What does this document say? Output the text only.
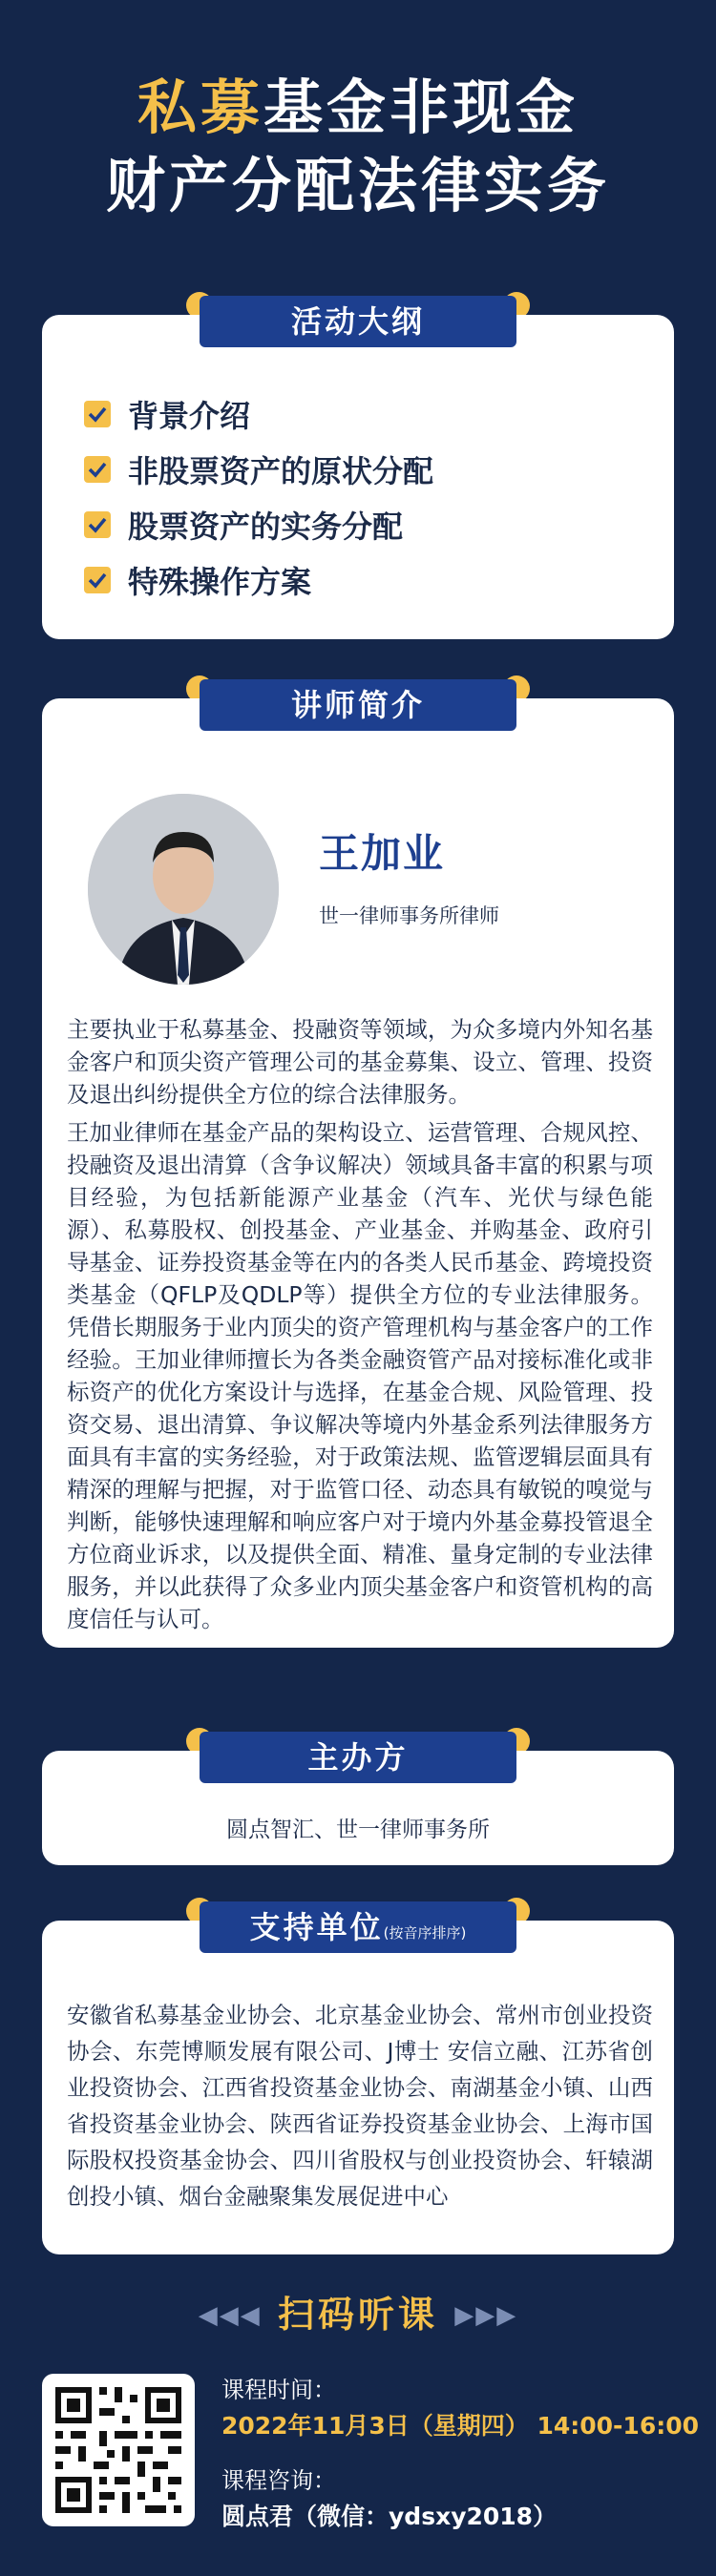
私募基金非现金
财产分配法律实务
活动大纲
背景介绍
非股票资产的原状分配
股票资产的实务分配
特殊操作方案
讲师简介
王加业
世一律师事务所律师

主要执业于私募基金、投融资等领域，为众多境内外知名基金客户和顶尖资产管理公司的基金募集、设立、管理、投资及退出纠纷提供全方位的综合法律服务。

王加业律师在基金产品的架构设立、运营管理、合规风控、投融资及退出清算（含争议解决）领域具备丰富的积累与项目经验，为包括新能源产业基金（汽车、光伏与绿色能源）、私募股权、创投基金、产业基金、并购基金、政府引导基金、证券投资基金等在内的各类人民币基金、跨境投资类基金（QFLP及QDLP等）提供全方位的专业法律服务。凭借长期服务于业内顶尖的资产管理机构与基金客户的工作经验。王加业律师擅长为各类金融资管产品对接标准化或非标资产的优化方案设计与选择，在基金合规、风险管理、投资交易、退出清算、争议解决等境内外基金系列法律服务方面具有丰富的实务经验，对于政策法规、监管逻辑层面具有精深的理解与把握，对于监管口径、动态具有敏锐的嗅觉与判断，能够快速理解和响应客户对于境内外基金募投管退全方位商业诉求，以及提供全面、精准、量身定制的专业法律服务，并以此获得了众多业内顶尖基金客户和资管机构的高度信任与认可。

主办方
圆点智汇、世一律师事务所
支持单位(按音序排序)
安徽省私募基金业协会、北京基金业协会、常州市创业投资协会、东莞博顺发展有限公司、J博士 安信立融、江苏省创业投资协会、江西省投资基金业协会、南湖基金小镇、山西省投资基金业协会、陕西省证券投资基金业协会、上海市国际股权投资基金协会、四川省股权与创业投资协会、轩辕湖创投小镇、烟台金融聚集发展促进中心
◀◀◀ 扫码听课 ▶▶▶
课程时间：
2022年11月3日（星期四） 14:00-16:00
课程咨询：
圆点君（微信：ydsxy2018）
